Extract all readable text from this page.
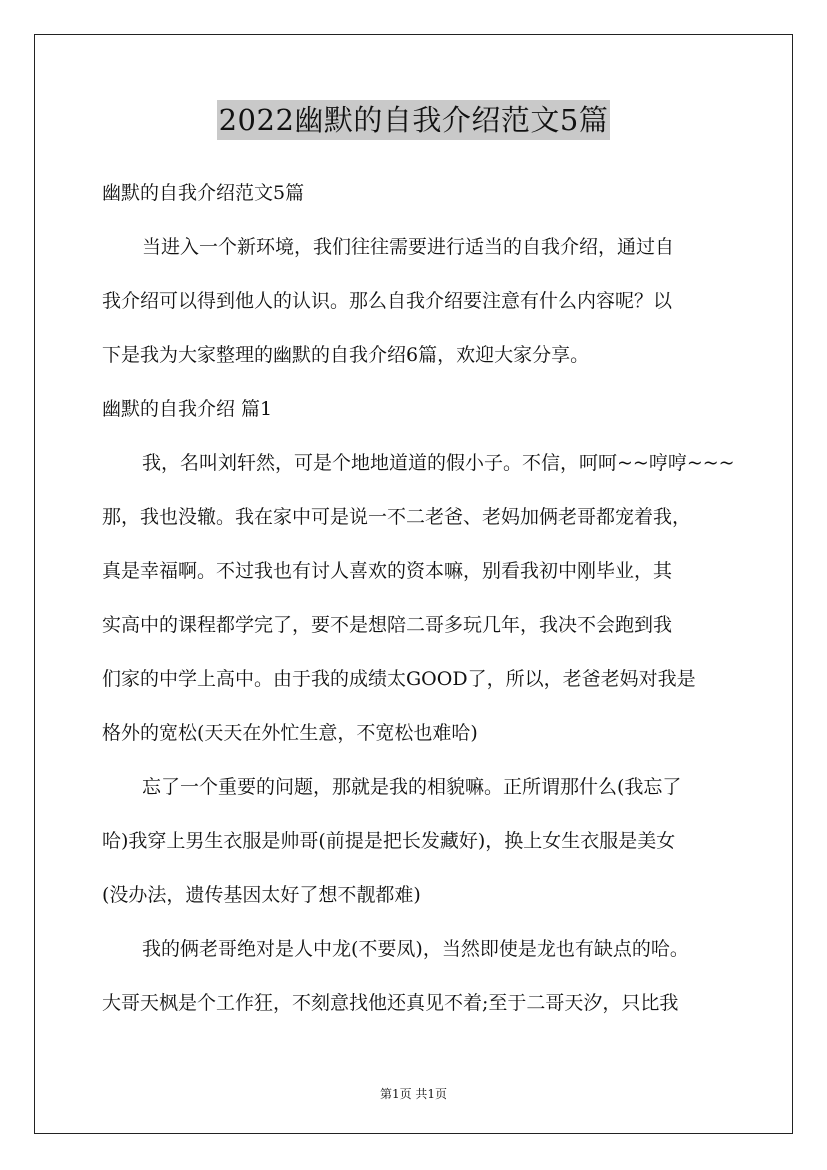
2022幽默的自我介绍范文5篇
幽默的自我介绍范文5篇
当进入一个新环境，我们往往需要进行适当的自我介绍，通过自
我介绍可以得到他人的认识。那么自我介绍要注意有什么内容呢？以
下是我为大家整理的幽默的自我介绍6篇，欢迎大家分享。
幽默的自我介绍 篇1
我，名叫刘轩然，可是个地地道道的假小子。不信，呵呵~~哼哼~~~
那，我也没辙。我在家中可是说一不二老爸、老妈加俩老哥都宠着我，
真是幸福啊。不过我也有讨人喜欢的资本嘛，别看我初中刚毕业，其
实高中的课程都学完了，要不是想陪二哥多玩几年，我决不会跑到我
们家的中学上高中。由于我的成绩太GOOD了，所以，老爸老妈对我是
格外的宽松(天天在外忙生意，不宽松也难哈)
忘了一个重要的问题，那就是我的相貌嘛。正所谓那什么(我忘了
哈)我穿上男生衣服是帅哥(前提是把长发藏好)，换上女生衣服是美女
(没办法，遗传基因太好了想不靓都难)
我的俩老哥绝对是人中龙(不要凤)，当然即使是龙也有缺点的哈。
大哥天枫是个工作狂，不刻意找他还真见不着;至于二哥天汐，只比我
第1页 共1页
